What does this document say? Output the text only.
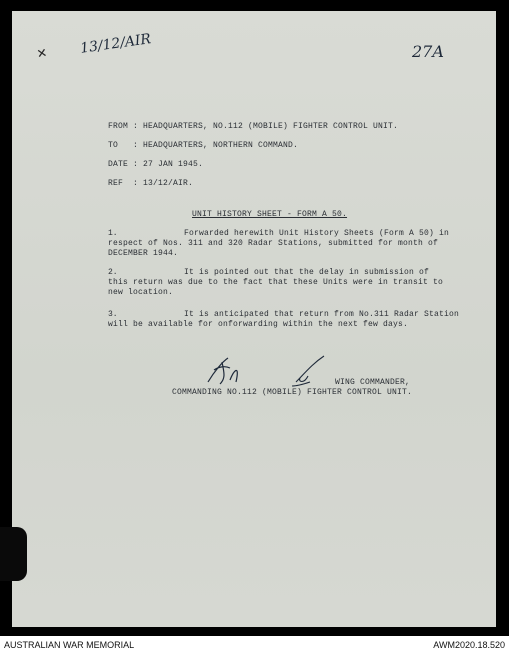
⨯ 13/12/AIR	27A
FROM : HEADQUARTERS, NO.112 (MOBILE) FIGHTER CONTROL UNIT.
TO   : HEADQUARTERS, NORTHERN COMMAND.
DATE : 27 JAN 1945.
REF  : 13/12/AIR.
UNIT HISTORY SHEET - FORM A 50.
1.	Forwarded herewith Unit History Sheets (Form A 50) in
respect of Nos. 311 and 320 Radar Stations, submitted for month of
DECEMBER 1944.
2.	It is pointed out that the delay in submission of
this return was due to the fact that these Units were in transit to
new location.
3.	It is anticipated that return from No.311 Radar Station
will be available for onforwarding within the next few days.
WING COMMANDER,
COMMANDING NO.112 (MOBILE) FIGHTER CONTROL UNIT.
AUSTRALIAN WAR MEMORIAL	AWM2020.18.520
